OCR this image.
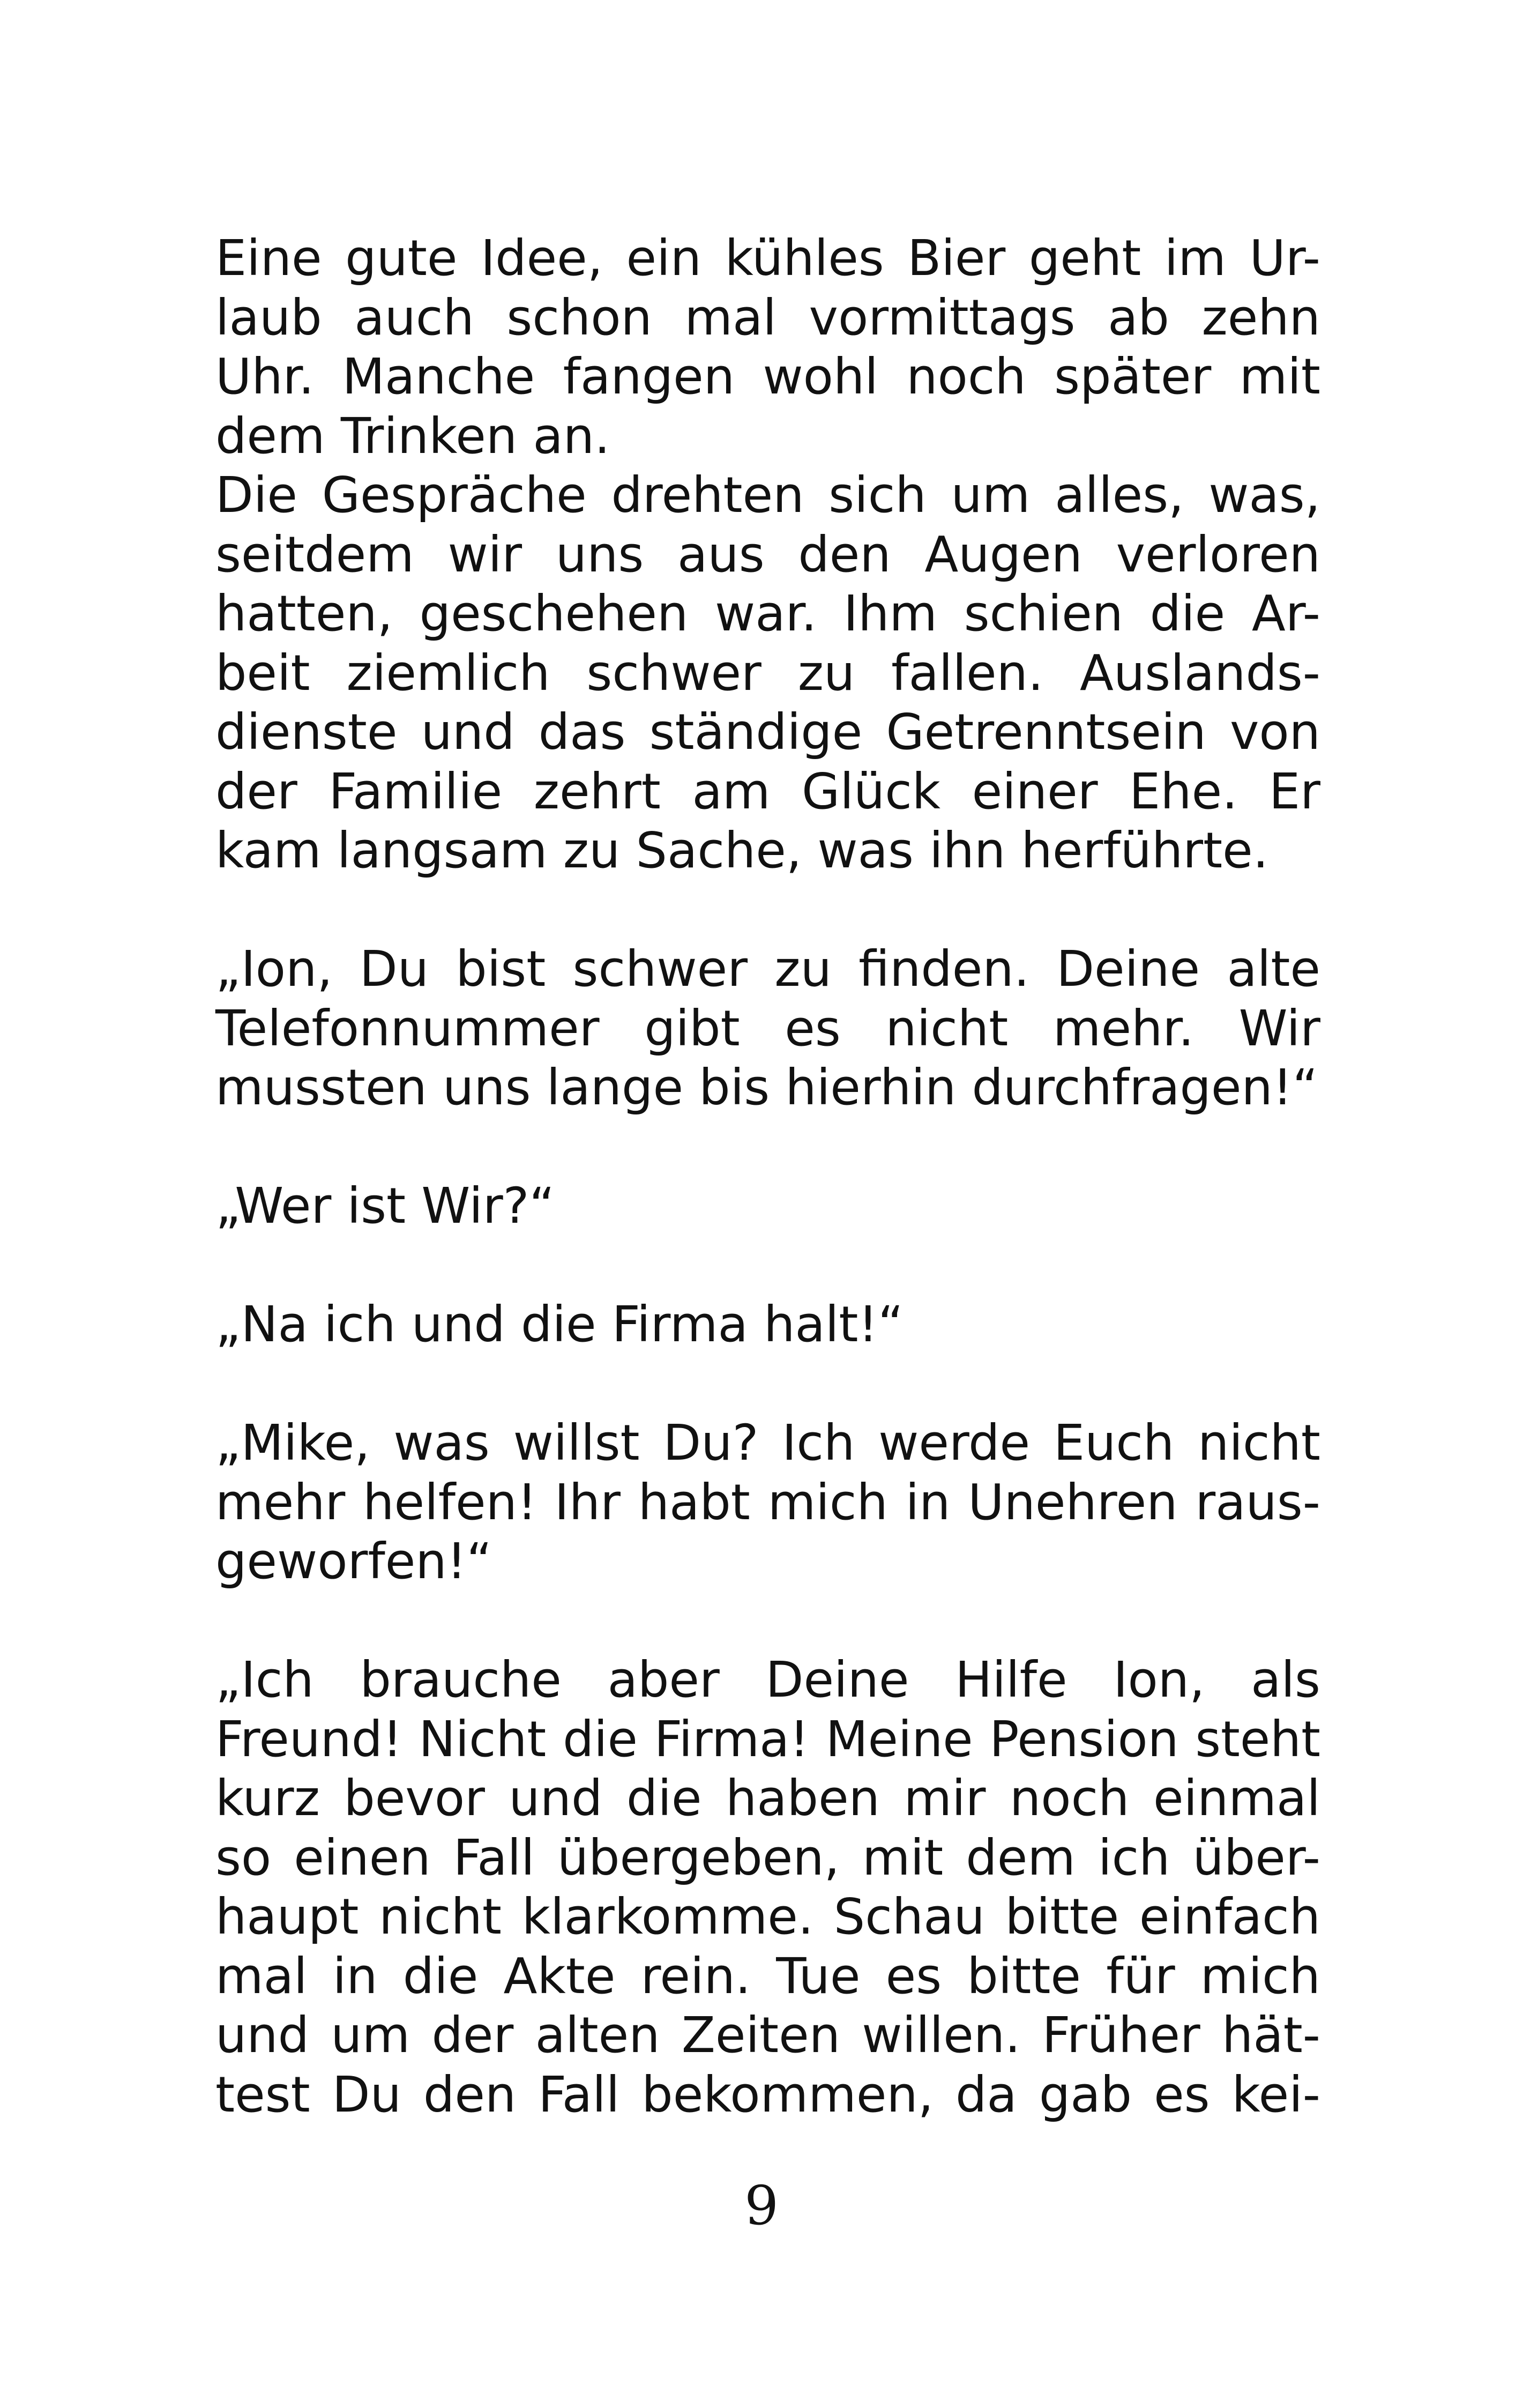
Eine gute Idee, ein kühles Bier geht im Ur-
laub auch schon mal vormittags ab zehn
Uhr. Manche fangen wohl noch später mit
dem Trinken an.
Die Gespräche drehten sich um alles, was,
seitdem wir uns aus den Augen verloren
hatten, geschehen war. Ihm schien die Ar-
beit ziemlich schwer zu fallen. Auslands-
dienste und das ständige Getrenntsein von
der Familie zehrt am Glück einer Ehe. Er
kam langsam zu Sache, was ihn herführte.
„Ion, Du bist schwer zu finden. Deine alte
Telefonnummer gibt es nicht mehr. Wir
mussten uns lange bis hierhin durchfragen!“
„Wer ist Wir?“
„Na ich und die Firma halt!“
„Mike, was willst Du? Ich werde Euch nicht
mehr helfen! Ihr habt mich in Unehren raus-
geworfen!“
„Ich brauche aber Deine Hilfe Ion, als
Freund! Nicht die Firma! Meine Pension steht
kurz bevor und die haben mir noch einmal
so einen Fall übergeben, mit dem ich über-
haupt nicht klarkomme. Schau bitte einfach
mal in die Akte rein. Tue es bitte für mich
und um der alten Zeiten willen. Früher hät-
test Du den Fall bekommen, da gab es kei-
9
